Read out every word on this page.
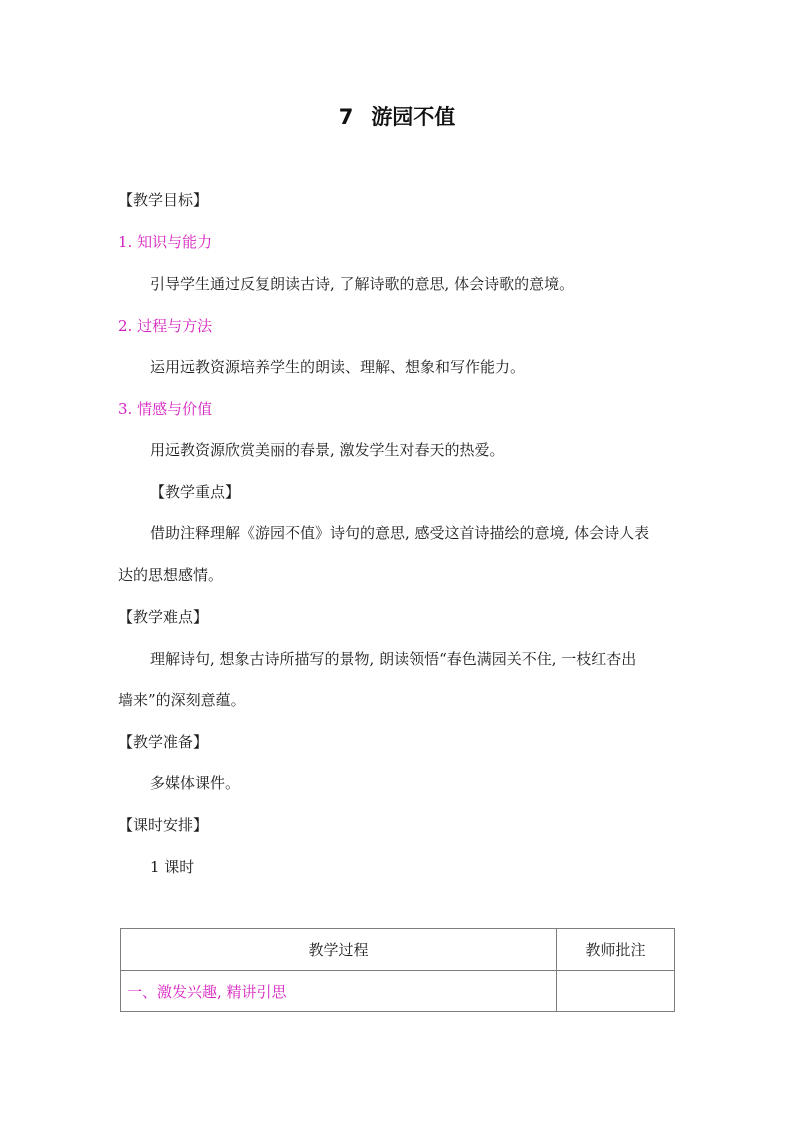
7 游园不值
【教学目标】
1. 知识与能力
引导学生通过反复朗读古诗, 了解诗歌的意思, 体会诗歌的意境。
2. 过程与方法
运用远教资源培养学生的朗读、理解、想象和写作能力。
3. 情感与价值
用远教资源欣赏美丽的春景, 激发学生对春天的热爱。
【教学重点】
借助注释理解《游园不值》诗句的意思, 感受这首诗描绘的意境, 体会诗人表
达的思想感情。
【教学难点】
理解诗句, 想象古诗所描写的景物, 朗读领悟“春色满园关不住, 一枝红杏出
墙来”的深刻意蕴。
【教学准备】
多媒体课件。
【课时安排】
1 课时
教学过程	教师批注
一、激发兴趣, 精讲引思	
